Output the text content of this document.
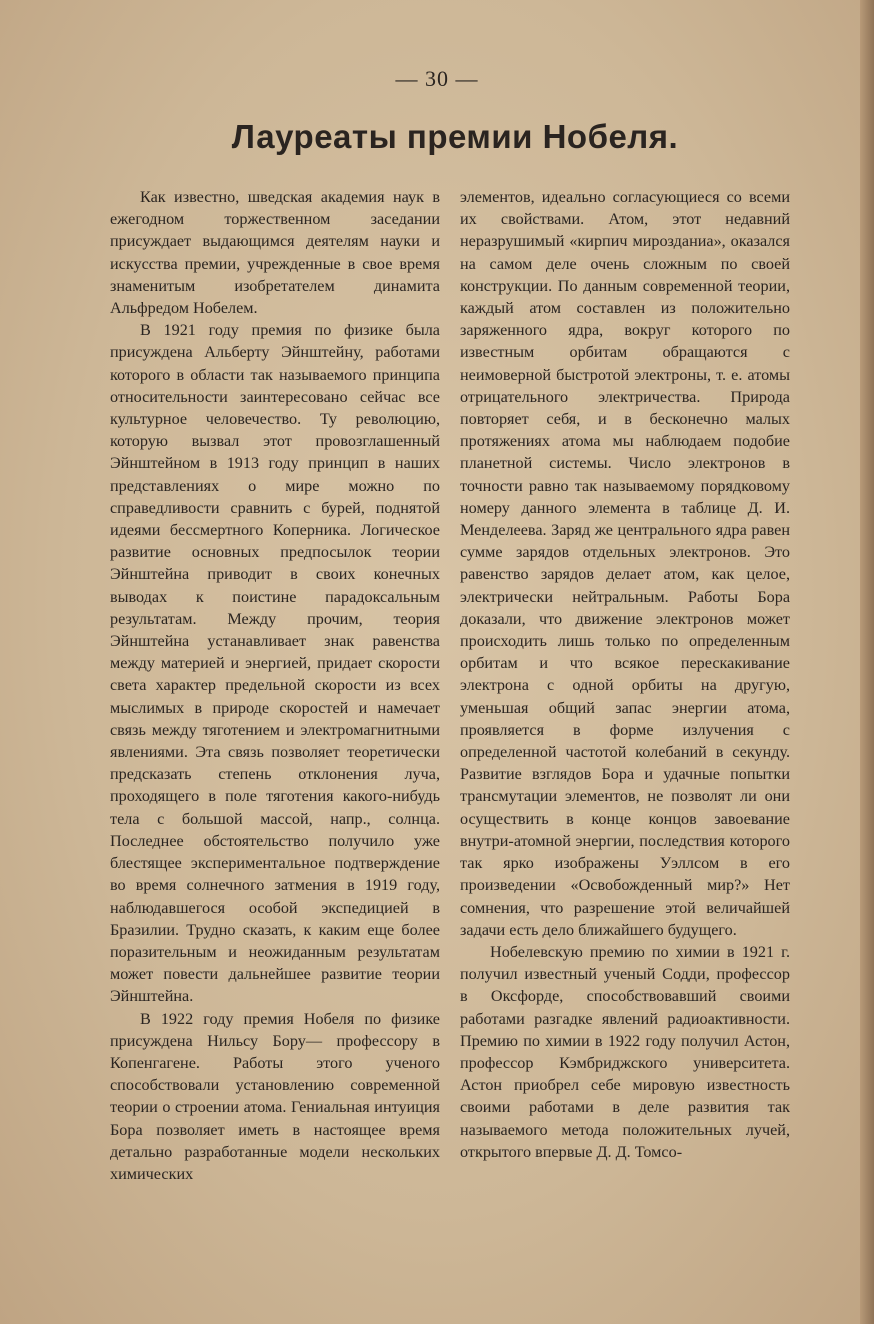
— 30 —
Лауреаты премии Нобеля.

Как известно, шведская академия наук в ежегодном торжественном заседании присуждает выдающимся деятелям науки и искусства премии, учрежденные в свое время знаменитым изобретателем динамита Альфредом Нобелем.

В 1921 году премия по физике была присуждена Альберту Эйнштейну, работами которого в области так называемого принципа относительности заинтересовано сейчас все культурное человечество. Ту революцию, которую вызвал этот провозглашенный Эйнштейном в 1913 году принцип в наших представлениях о мире можно по справедливости сравнить с бурей, поднятой идеями бессмертного Коперника. Логическое развитие основных предпосылок теории Эйнштейна приводит в своих конечных выводах к поистине парадоксальным результатам. Между прочим, теория Эйнштейна устанавливает знак равенства между материей и энергией, придает скорости света характер предельной скорости из всех мыслимых в природе скоростей и намечает связь между тяготением и электромагнитными явлениями. Эта связь позволяет теоретически предсказать степень отклонения луча, проходящего в поле тяготения какого-нибудь тела с большой массой, напр., солнца. Последнее обстоятельство получило уже блестящее экспериментальное подтверждение во время солнечного затмения в 1919 году, наблюдавшегося особой экспедицией в Бразилии. Трудно сказать, к каким еще более поразительным и неожиданным результатам может повести дальнейшее развитие теории Эйнштейна.

В 1922 году премия Нобеля по физике присуждена Нильсу Бору— профессору в Копенгагене. Работы этого ученого способствовали установлению современной теории о строении атома. Гениальная интуиция Бора позволяет иметь в настоящее время детально разработанные модели нескольких химических

элементов, идеально согласующиеся со всеми их свойствами. Атом, этот недавний неразрушимый «кирпич мирозданиа», оказался на самом деле очень сложным по своей конструкции. По данным современной теории, каждый атом составлен из положительно заряженного ядра, вокруг которого по известным орбитам обращаются с неимоверной быстротой электроны, т. е. атомы отрицательного электричества. Природа повторяет себя, и в бесконечно малых протяжениях атома мы наблюдаем подобие планетной системы. Число электронов в точности равно так называемому порядковому номеру данного элемента в таблице Д. И. Менделеева. Заряд же центрального ядра равен сумме зарядов отдельных электронов. Это равенство зарядов делает атом, как целое, электрически нейтральным. Работы Бора доказали, что движение электронов может происходить лишь только по определенным орбитам и что всякое перескакивание электрона с одной орбиты на другую, уменьшая общий запас энергии атома, проявляется в форме излучения с определенной частотой колебаний в секунду. Развитие взглядов Бора и удачные попытки трансмутации элементов, не позволят ли они осуществить в конце концов завоевание внутри-атомной энергии, последствия которого так ярко изображены Уэллсом в его произведении «Освобожденный мир?» Нет сомнения, что разрешение этой величайшей задачи есть дело ближайшего будущего.

Нобелевскую премию по химии в 1921 г. получил известный ученый Содди, профессор в Оксфорде, способствовавший своими работами разгадке явлений радиоактивности. Премию по химии в 1922 году получил Астон, профессор Кэмбриджского университета. Астон приобрел себе мировую известность своими работами в деле развития так называемого метода положительных лучей, открытого впервые Д. Д. Томсо-
